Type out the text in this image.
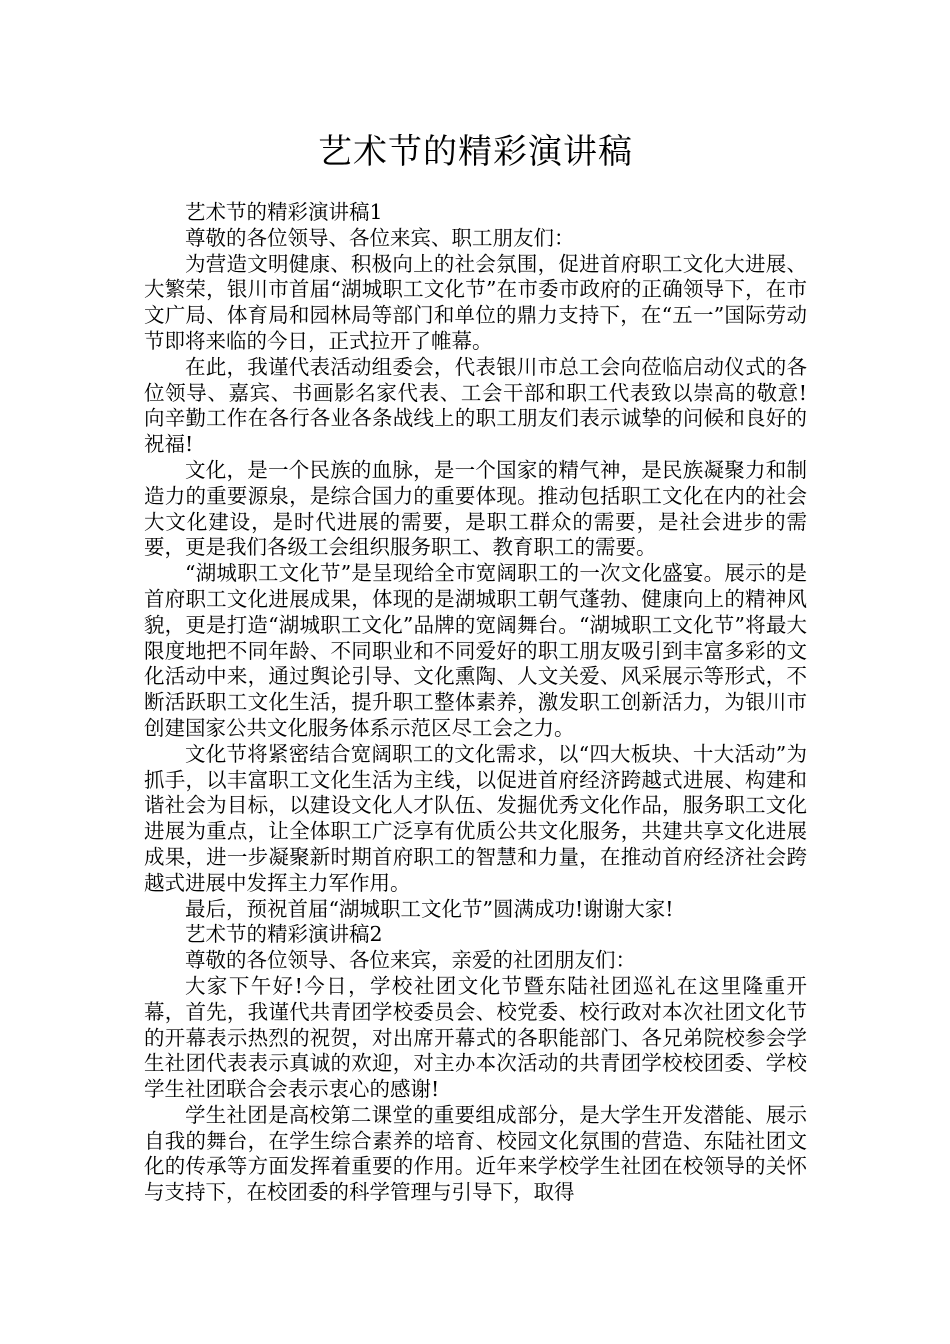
艺术节的精彩演讲稿

艺术节的精彩演讲稿1

尊敬的各位领导、各位来宾、职工朋友们：

为营造文明健康、积极向上的社会氛围，促进首府职工文化大进展、大繁荣，银川市首届“湖城职工文化节”在市委市政府的正确领导下，在市文广局、体育局和园林局等部门和单位的鼎力支持下，在“五一”国际劳动节即将来临的今日，正式拉开了帷幕。

在此，我谨代表活动组委会，代表银川市总工会向莅临启动仪式的各位领导、嘉宾、书画影名家代表、工会干部和职工代表致以崇高的敬意!向辛勤工作在各行各业各条战线上的职工朋友们表示诚挚的问候和良好的祝福!

文化，是一个民族的血脉，是一个国家的精气神，是民族凝聚力和制造力的重要源泉，是综合国力的重要体现。推动包括职工文化在内的社会大文化建设，是时代进展的需要，是职工群众的需要，是社会进步的需要，更是我们各级工会组织服务职工、教育职工的需要。

“湖城职工文化节”是呈现给全市宽阔职工的一次文化盛宴。展示的是首府职工文化进展成果，体现的是湖城职工朝气蓬勃、健康向上的精神风貌，更是打造“湖城职工文化”品牌的宽阔舞台。“湖城职工文化节”将最大限度地把不同年龄、不同职业和不同爱好的职工朋友吸引到丰富多彩的文化活动中来，通过舆论引导、文化熏陶、人文关爱、风采展示等形式，不断活跃职工文化生活，提升职工整体素养，激发职工创新活力，为银川市创建国家公共文化服务体系示范区尽工会之力。

文化节将紧密结合宽阔职工的文化需求，以“四大板块、十大活动”为抓手，以丰富职工文化生活为主线，以促进首府经济跨越式进展、构建和谐社会为目标，以建设文化人才队伍、发掘优秀文化作品，服务职工文化进展为重点，让全体职工广泛享有优质公共文化服务，共建共享文化进展成果，进一步凝聚新时期首府职工的智慧和力量，在推动首府经济社会跨越式进展中发挥主力军作用。

最后，预祝首届“湖城职工文化节”圆满成功!谢谢大家!

艺术节的精彩演讲稿2

尊敬的各位领导、各位来宾，亲爱的社团朋友们：

大家下午好!今日，学校社团文化节暨东陆社团巡礼在这里隆重开幕，首先，我谨代共青团学校委员会、校党委、校行政对本次社团文化节的开幕表示热烈的祝贺，对出席开幕式的各职能部门、各兄弟院校参会学生社团代表表示真诚的欢迎，对主办本次活动的共青团学校校团委、学校学生社团联合会表示衷心的感谢!

学生社团是高校第二课堂的重要组成部分，是大学生开发潜能、展示自我的舞台，在学生综合素养的培育、校园文化氛围的营造、东陆社团文化的传承等方面发挥着重要的作用。近年来学校学生社团在校领导的关怀与支持下，在校团委的科学管理与引导下，取得
